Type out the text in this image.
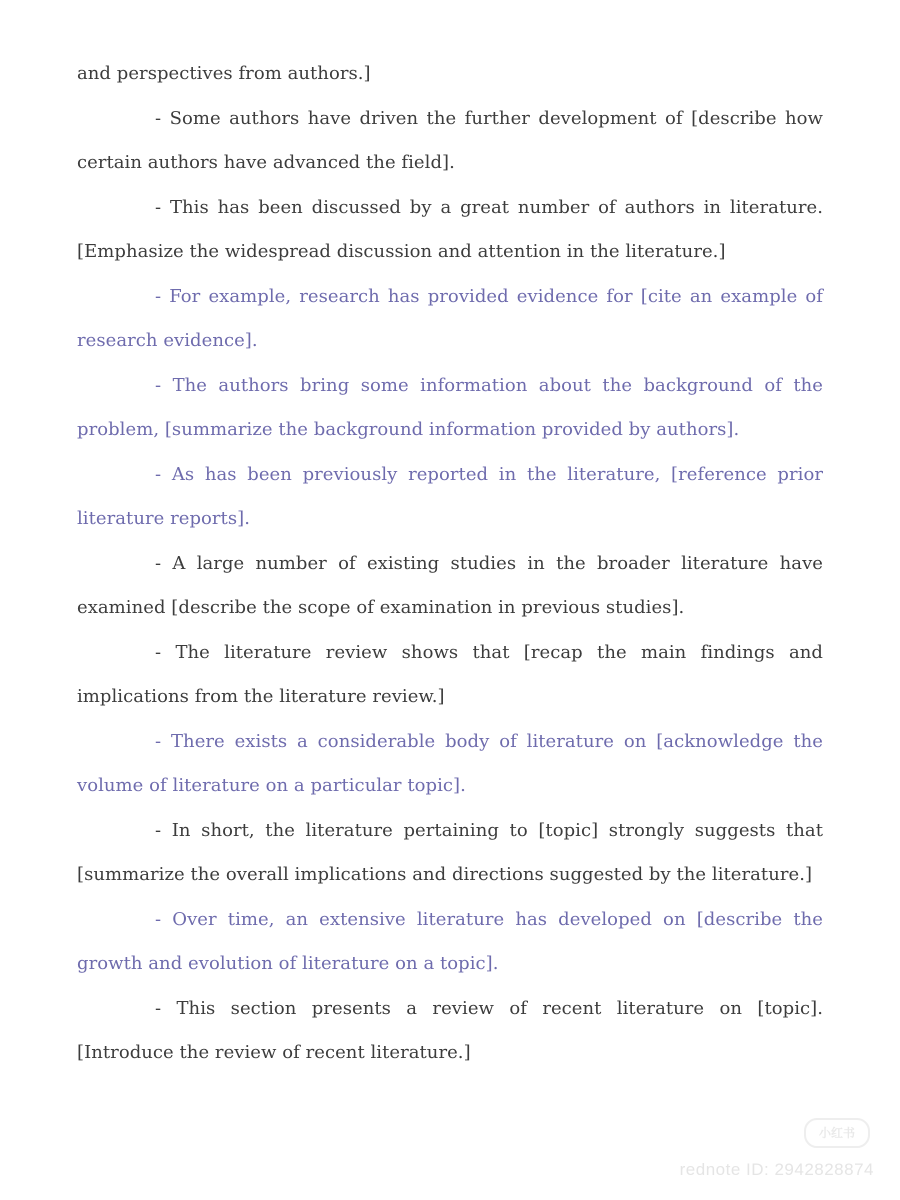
and perspectives from authors.]

- Some authors have driven the further development of [describe how certain authors have advanced the field].

- This has been discussed by a great number of authors in literature. [Emphasize the widespread discussion and attention in the literature.]

- For example, research has provided evidence for [cite an example of research evidence].

- The authors bring some information about the background of the problem, [summarize the background information provided by authors].

- As has been previously reported in the literature, [reference prior literature reports].

- A large number of existing studies in the broader literature have examined [describe the scope of examination in previous studies].

- The literature review shows that [recap the main findings and implications from the literature review.]

- There exists a considerable body of literature on [acknowledge the volume of literature on a particular topic].

- In short, the literature pertaining to [topic] strongly suggests that [summarize the overall implications and directions suggested by the literature.]

- Over time, an extensive literature has developed on [describe the growth and evolution of literature on a topic].

- This section presents a review of recent literature on [topic]. [Introduce the review of recent literature.]

小红书
rednote ID: 2942828874
